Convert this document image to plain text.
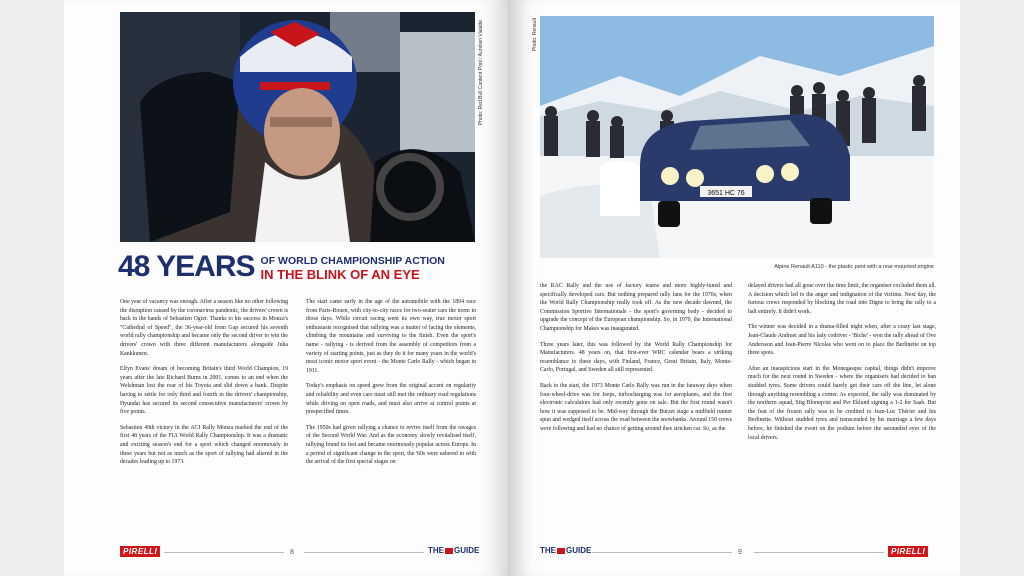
Photo: Red Bull Content Pool / Aurelien Vialatte
48 YEARS OF WORLD CHAMPIONSHIP ACTION
IN THE BLINK OF AN EYE

One year of vacancy was enough. After a season like no other following the disruption caused by the coronavirus pandemic, the drivers' crown is back in the hands of Sebastien Ogier. Thanks to his success in Monza's "Cathedral of Speed", the 36-year-old from Gap secured his seventh world rally championship and became only the second driver to win the drivers' crown with three different manufacturers alongside Juha Kankkunen.

Elfyn Evans' dream of becoming Britain's third World Champion, 19 years after the late Richard Burns in 2001, comes to an end when the Welshman lost the rear of his Toyota and slid down a bank. Despite having to settle for only third and fourth in the drivers' championship, Hyundai has secured its second consecutive manufacturers' crown by five points.

Sebastien 49th victory in the ACI Rally Monza marked the end of the first 48 years of the FIA World Rally Championship. It was a dramatic and exciting season's end for a sport which changed enormously in these years but not as much as the sport of rallying had altered in the decades leading up to 1973.

The start came early in the age of the automobile with the 1894 race from Paris-Rouen, with city-to-city races for two-seater cars the norm in those days. While circuit racing went its own way, true motor sport enthusiasts recognised that rallying was a matter of facing the elements, climbing the mountains and surviving to the finish. Even the sport's name - rallying - is derived from the assembly of competitors from a variety of starting points, just as they do it for many years in the world's most iconic motor sport event - the Monte Carlo Rally - which began in 1911.

Today's emphasis on speed grew from the original accent on regularity and reliability and even cars must still met the ordinary road regulations while driving on open roads, and must also arrive at control points at prespecified times.

The 1950s had given rallying a chance to revive itself from the ravages of the Second World War. And as the economy slowly revitalised itself, rallying found its feet and became enormously popular across Europe. In a period of significant change in the sport, the '60s were ushered in with the arrival of the first special stages on

PIRELLI	8	THE GUIDE
3651 HC 76
Photo: Renault
Alpine Renault A110 - the plastic pent with a rear-mounted engine

the RAC Rally and the use of factory teams and more highly-tuned and specifically developed cars. But nothing prepared rally fans for the 1970s, when the World Rally Championship really took off. As the new decade dawned, the Commission Sportive Internationale - the sport's governing body - decided to upgrade the concept of the European championship. So, in 1970, the International Championship for Makes was inaugurated.

Three years later, this was followed by the World Rally Championship for Manufacturers. 48 years on, that first-ever WRC calendar bears a striking resemblance to these days, with Finland, France, Great Britain, Italy, Monte-Carlo, Portugal, and Sweden all still represented.

Back to the start, the 1973 Monte Carlo Rally was run in the faraway days when four-wheel-drive was for Jeeps, turbocharging was for aeroplanes, and the first electronic calculators had only recently gone on sale. But the first round wasn't how it was supposed to be. Mid-way through the Burzet stage a midfield runner spun and wedged itself across the road between the snowbanks. Around 150 crews were following and had no chance of getting around thee stricken car. So, as the

delayed drivers had all gone over the time limit, the organiser excluded them all. A decision which led to the anger and indignation of the victims. Next day, the furious crews responded by blocking the road into Digne to bring the rally to a halt entirely. It didn't work.

The winner was decided in a drama-filled night when, after a crazy last stage, Jean-Claude Andruet and his lady codriver - 'Biche' - won the rally ahead of Ove Andersson and Jean-Pierre Nicolas who went on to place the Berlinette on top three spots.

After an inauspicious start in the Monegasque capital, things didn't improve much for the next round in Sweden - where the organisers had decided to ban studded tyres. Some drivers could barely get their cars off the line, let alone through anything resembling a corner. As expected, the rally was dominated by the northern squad, Stig Blomqvist and Per Eklund signing a 1-2 for Saab. But the feat of the frozen rally was to be credited to Jean-Luc Thérier and his Berlinette. Without studded tyres and transcended by his marriage a few days before, he finished the event on the podium before the astounded eyes of the local drivers.

THE GUIDE	9	PIRELLI
